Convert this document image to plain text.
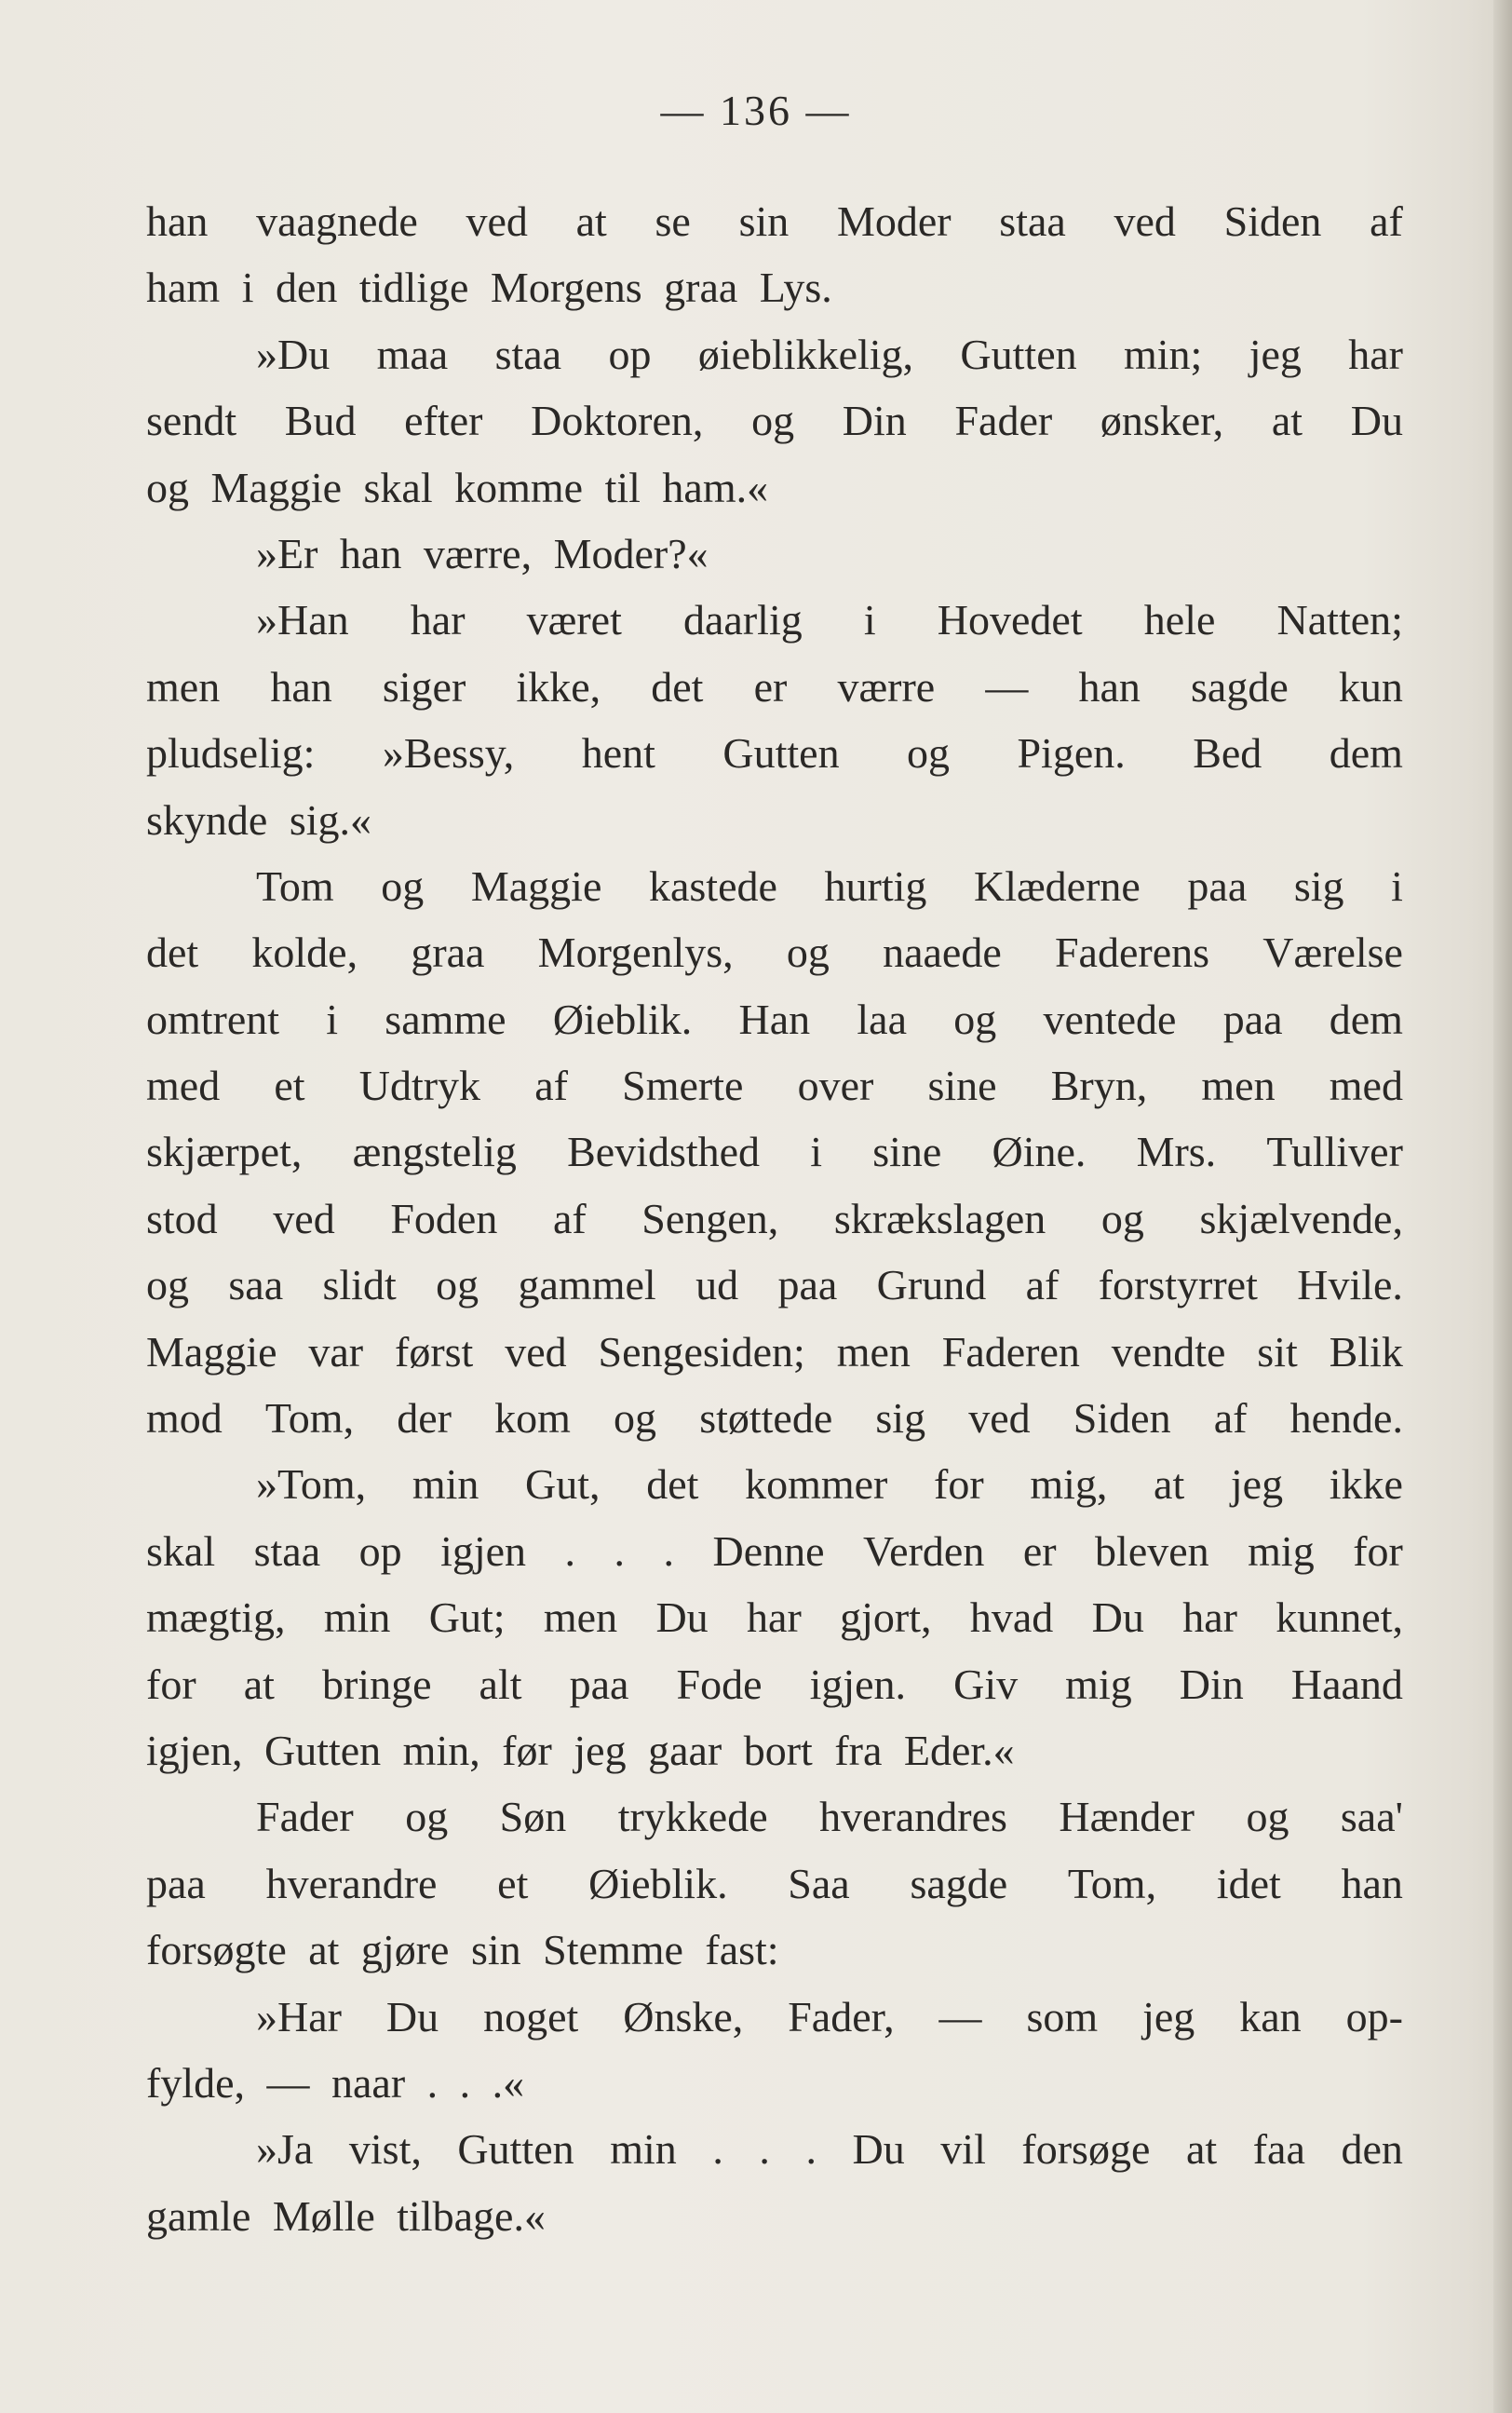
— 136 —
han vaagnede ved at se sin Moder staa ved Siden af
ham i den tidlige Morgens graa Lys.
»Du maa staa op øieblikkelig, Gutten min; jeg har
sendt Bud efter Doktoren, og Din Fader ønsker, at Du
og Maggie skal komme til ham.«
»Er han værre, Moder?«
»Han har været daarlig i Hovedet hele Natten;
men han siger ikke, det er værre — han sagde kun
pludselig: »Bessy, hent Gutten og Pigen. Bed dem
skynde sig.«
Tom og Maggie kastede hurtig Klæderne paa sig i
det kolde, graa Morgenlys, og naaede Faderens Værelse
omtrent i samme Øieblik. Han laa og ventede paa dem
med et Udtryk af Smerte over sine Bryn, men med
skjærpet, ængstelig Bevidsthed i sine Øine. Mrs. Tulliver
stod ved Foden af Sengen, skrækslagen og skjælvende,
og saa slidt og gammel ud paa Grund af forstyrret Hvile.
Maggie var først ved Sengesiden; men Faderen vendte sit Blik
mod Tom, der kom og støttede sig ved Siden af hende.
»Tom, min Gut, det kommer for mig, at jeg ikke
skal staa op igjen . . . Denne Verden er bleven mig for
mægtig, min Gut; men Du har gjort, hvad Du har kunnet,
for at bringe alt paa Fode igjen. Giv mig Din Haand
igjen, Gutten min, før jeg gaar bort fra Eder.«
Fader og Søn trykkede hverandres Hænder og saa'
paa hverandre et Øieblik. Saa sagde Tom, idet han
forsøgte at gjøre sin Stemme fast:
»Har Du noget Ønske, Fader, — som jeg kan op-
fylde, — naar . . .«
»Ja vist, Gutten min . . . Du vil forsøge at faa den
gamle Mølle tilbage.«
